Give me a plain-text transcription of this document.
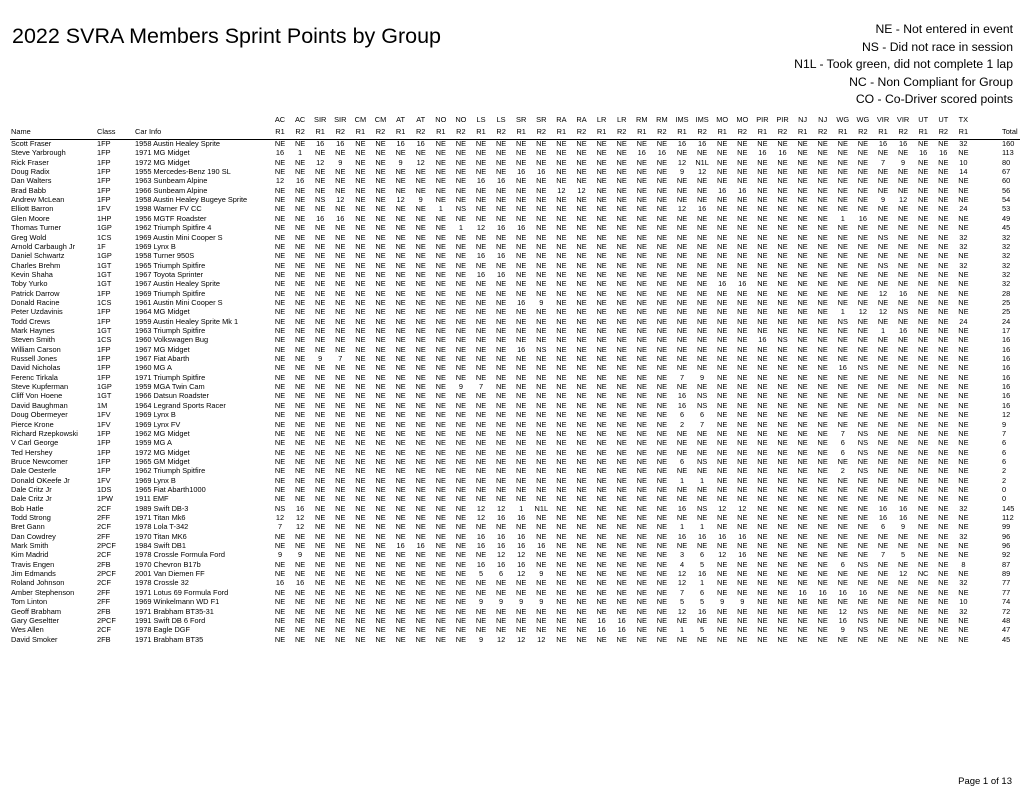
2022 SVRA Members Sprint Points by Group	NE - Not entered in event
NS - Did not race in session
N1L - Took green, did not complete 1 lap
NC - Non Compliant for Group
CO - Co-Driver scored points
AC AC SIR SIR CM CM AT AT NO NO LS LS SR SR RA RA LR LR RM RM IMS IMS MO MO PIR PIR NJ NJ WG WG VIR VIR UT UT TX
R1 R2 R1 R2 R1 R2 R1 R2 R1 R2 R1 R2 R1 R2 R1 R2 R1 R2 R1 R2 R1 R2 R1 R2 R1 R2 R1 R2 R1 R2 R1 R2 R1 R2 R1
Name	Class	Car Info	Total
Scott Fraser	1FP	1958 Austin Healey Sprite	NE NE 16 16 NE NE 16 16 NE NE NE NE NE NE NE NE NE NE NE NE 16 16 NE NE NE NE NE NE NE NE 16 16 NE NE 32	160
Steve Yarbrough	1FP	1971 MG Midget	16 1 NE NE NE NE NE NE NE NE NE NE NE NE NE NE NE NE 16 16 NE NE NE NE 16 16 NE NE NE NE NE NE 16 16 NE	113
Rick Fraser	1FP	1972 MG Midget	NE NE 12 9 NE NE 9 12 NE NE NE NE NE NE NE NE NE NE NE NE 12 N1L NE NE NE NE NE NE NE NE 7 9 NE NE 10	80
Doug Radix	1FP	1955 Mercedes-Benz 190 SL	NE NE NE NE NE NE NE NE NE NE NE NE 16 16 NE NE NE NE NE NE 9 12 NE NE NE NE NE NE NE NE NE NE NE NE 14	67
Dan Walters	1FP	1963 Sunbeam Alpine	12 16 NE NE NE NE NE NE NE NE 16 16 NE NE NE NE NE NE NE NE NE NE NE NE NE NE NE NE NE NE NE NE NE NE NE	60
Brad Babb	1FP	1966 Sunbeam Alpine	NE NE NE NE NE NE NE NE NE NE NE NE NE NE 12 12 NE NE NE NE NE NE 16 16 NE NE NE NE NE NE NE NE NE NE NE	56
Andrew McLean	1FP	1958 Austin Healey Bugeye Sprite	NE NE NS 12 NE NE 12 9 NE NE NE NE NE NE NE NE NE NE NE NE NE NE NE NE NE NE NE NE NE NE 9 12 NE NE NE	54
Elliott Barron	1FV	1998 Warner FV CC	NE NE NE NE NE NE NE NE 1 NS NE NE NE NE NE NE NE NE NE NE 12 16 NE NE NE NE NE NE NE NE NE NE NE NE 24	53
Glen Moore	1HP	1956 MGTF Roadster	NE NE 16 16 NE NE NE NE NE NE NE NE NE NE NE NE NE NE NE NE NE NE NE NE NE NE NE NE 1 16 NE NE NE NE NE	49
Thomas Turner	1GP	1962 Triumph Spitfire 4	NE NE NE NE NE NE NE NE NE 1 12 16 16 NE NE NE NE NE NE NE NE NE NE NE NE NE NE NE NE NE NE NE NE NE NE	45
Greg Wold	1CS	1969 Austin Mini Cooper S	NE NE NE NE NE NE NE NE NE NE NE NE NE NE NE NE NE NE NE NE NE NE NE NE NE NE NE NE NE NE NS NE NE NE 32	32
Arnold Carbaugh Jr	1F	1969 Lynx B	NE NE NE NE NE NE NE NE NE NE NE NE NE NE NE NE NE NE NE NE NE NE NE NE NE NE NE NE NE NE NE NE NE NE 32	32
Daniel Schwartz	1GP	1958 Turner 950S	NE NE NE NE NE NE NE NE NE NE 16 16 NE NE NE NE NE NE NE NE NE NE NE NE NE NE NE NE NE NE NE NE NE NE NE	32
Charles Brehm	1GT	1965 Triumph Spitfire	NE NE NE NE NE NE NE NE NE NE NE NE NE NE NE NE NE NE NE NE NE NE NE NE NE NE NE NE NE NE NS NE NE NE 32	32
Kevin Shaha	1GT	1967 Toyota Sprinter	NE NE NE NE NE NE NE NE NE NE 16 16 NE NE NE NE NE NE NE NE NE NE NE NE NE NE NE NE NE NE NE NE NE NE NE	32
Toby Yurko	1GT	1967 Austin Healey Sprite	NE NE NE NE NE NE NE NE NE NE NE NE NE NE NE NE NE NE NE NE NE NE 16 16 NE NE NE NE NE NE NE NE NE NE NE	32
Patrick Darrow	1FP	1969 Triumph Spitfire	NE NE NE NE NE NE NE NE NE NE NE NE NE NE NE NE NE NE NE NE NE NE NE NE NE NE NE NE NE NE 12 16 NE NE NE	28
Donald Racine	1CS	1961 Austin Mini Cooper S	NE NE NE NE NE NE NE NE NE NE NE NE 16 9 NE NE NE NE NE NE NE NE NE NE NE NE NE NE NE NE NE NE NE NE NE	25
Peter Uzdavinis	1FP	1964 MG Midget	NE NE NE NE NE NE NE NE NE NE NE NE NE NE NE NE NE NE NE NE NE NE NE NE NE NE NE NE 1 12 12 NS NE NE NE	25
Todd Crews	1FP	1959 Austin Healey Sprite Mk 1	NE NE NE NE NE NE NE NE NE NE NE NE NE NE NE NE NE NE NE NE NE NE NE NE NE NE NE NE NS NE NE NE NE NE 24	24
Mark Haynes	1GT	1963 Triumph Spitfire	NE NE NE NE NE NE NE NE NE NE NE NE NE NE NE NE NE NE NE NE NE NE NE NE NE NE NE NE NE NE 1 16 NE NE NE	17
Steven Smith	1CS	1960 Volkswagen Bug	NE NE NE NE NE NE NE NE NE NE NE NE NE NE NE NE NE NE NE NE NE NE NE NE 16 NS NE NE NE NE NE NE NE NE NE	16
William Carson	1FP	1967 MG Midget	NE NE NE NE NE NE NE NE NE NE NE NE 16 NS NE NE NE NE NE NE NE NE NE NE NE NE NE NE NE NE NE NE NE NE NE	16
Russell Jones	1FP	1967 Fiat Abarth	NE NE 9 7 NE NE NE NE NE NE NE NE NE NE NE NE NE NE NE NE NE NE NE NE NE NE NE NE NE NE NE NE NE NE NE	16
David Nicholas	1FP	1960 MG A	NE NE NE NE NE NE NE NE NE NE NE NE NE NE NE NE NE NE NE NE NE NE NE NE NE NE NE NE 16 NS NE NE NE NE NE	16
Ferenc Tirkala	1FP	1971 Triumph Spitfire	NE NE NE NE NE NE NE NE NE NE NE NE NE NE NE NE NE NE NE NE 7 9 NE NE NE NE NE NE NE NE NE NE NE NE NE	16
Steve Kupferman	1GP	1959 MGA Twin Cam	NE NE NE NE NE NE NE NE NE 9 7 NE NE NE NE NE NE NE NE NE NE NE NE NE NE NE NE NE NE NE NE NE NE NE NE	16
Cliff Von Hoene	1GT	1966 Datsun Roadster	NE NE NE NE NE NE NE NE NE NE NE NE NE NE NE NE NE NE NE NE 16 NS NE NE NE NE NE NE NE NE NE NE NE NE NE	16
David Baughman	1M	1964 Legrand Sports Racer	NE NE NE NE NE NE NE NE NE NE NE NE NE NE NE NE NE NE NE NE 16 NS NE NE NE NE NE NE NE NE NE NE NE NE NE	16
Doug Obermeyer	1FV	1969 Lynx B	NE NE NE NE NE NE NE NE NE NE NE NE NE NE NE NE NE NE NE NE 6 6 NE NE NE NE NE NE NE NE NE NE NE NE NE	12
Pierce Krone	1FV	1969 Lynx FV	NE NE NE NE NE NE NE NE NE NE NE NE NE NE NE NE NE NE NE NE 2 7 NE NE NE NE NE NE NE NE NE NE NE NE NE	9
Richard Rzepkowski	1FP	1962 MG Midget	NE NE NE NE NE NE NE NE NE NE NE NE NE NE NE NE NE NE NE NE NE NE NE NE NE NE NE NE 7 NS NE NE NE NE NE	7
V Carl George	1FP	1959 MG A	NE NE NE NE NE NE NE NE NE NE NE NE NE NE NE NE NE NE NE NE NE NE NE NE NE NE NE NE 6 NS NE NE NE NE NE	6
Ted Hershey	1FP	1972 MG Midget	NE NE NE NE NE NE NE NE NE NE NE NE NE NE NE NE NE NE NE NE NE NE NE NE NE NE NE NE 6 NS NE NE NE NE NE	6
Bruce Newcomer	1FP	1965 GM Midget	NE NE NE NE NE NE NE NE NE NE NE NE NE NE NE NE NE NE NE NE 6 NS NE NE NE NE NE NE NE NE NE NE NE NE NE	6
Dale Oesterle	1FP	1962 Triumph Spitfire	NE NE NE NE NE NE NE NE NE NE NE NE NE NE NE NE NE NE NE NE NE NE NE NE NE NE NE NE 2 NS NE NE NE NE NE	2
Donald OKeefe Jr	1FV	1969 Lynx B	NE NE NE NE NE NE NE NE NE NE NE NE NE NE NE NE NE NE NE NE 1 1 NE NE NE NE NE NE NE NE NE NE NE NE NE	2
Dale Critz Jr	1DS	1965 Fiat Abarth1000	NE NE NE NE NE NE NE NE NE NE NE NE NE NE NE NE NE NE NE NE NE NE NE NE NE NE NE NE NE NE NE NE NE NE NE	0
Dale Critz Jr	1PW	1911 EMF	NE NE NE NE NE NE NE NE NE NE NE NE NE NE NE NE NE NE NE NE NE NE NE NE NE NE NE NE NE NE NE NE NE NE NE	0
Bob Hatle	2CF	1989 Swift DB-3	NS 16 NE NE NE NE NE NE NE NE 12 12 1 N1L NE NE NE NE NE NE 16 NS 12 12 NE NE NE NE NE NE 16 16 NE NE 32	145
Todd Strong	2FF	1971 Titan Mk6	12 12 NE NE NE NE NE NE NE NE 12 16 16 NE NE NE NE NE NE NE NE NE NE NE NE NE NE NE NE NE 16 16 NE NE NE	112
Bret Gann	2CF	1978 Lola T-342	7 12 NE NE NE NE NE NE NE NE NE NE NE NE NE NE NE NE NE NE 1 1 NE NE NE NE NE NE NE NE 6 9 NE NE NE	99
Dan Cowdrey	2FF	1970 Titan MK6	NE NE NE NE NE NE NE NE NE NE 16 16 16 NE NE NE NE NE NE NE 16 16 16 16 NE NE NE NE NE NE NE NE NE NE 32	96
Mark Smith	2PCF	1984 Swift DB1	NE NE NE NE NE NE 16 16 NE NE 16 16 16 16 NE NE NE NE NE NE NE NE NE NE NE NE NE NE NE NE NE NE NE NE NE	96
Kim Madrid	2CF	1978 Crossle Formula Ford	9 9 NE NE NE NE NE NE NE NE NE 12 12 NE NE NE NE NE NE NE 3 6 12 16 NE NE NE NE NE NE 7 5 NE NE NE	92
Travis Engen	2FB	1970 Chevron B17b	NE NE NE NE NE NE NE NE NE NE 16 16 16 NE NE NE NE NE NE NE 4 5 NE NE NE NE NE NE 6 NS NE NE NE NE 8	87
Jim Edmands	2PCF	2001 Van Diemen FF	NE NE NE NE NE NE NE NE NE NE 5 6 12 9 NE NE NE NE NE NE 12 16 NE NE NE NE NE NE NE NE NE 12 NC NE NE	89
Roland Johnson	2CF	1978 Crossle 32	16 16 NE NE NE NE NE NE NE NE NE NE NE NE NE NE NE NE NE NE 12 1 NE NE NE NE NE NE NE NE NE NE NE NE 32	77
Amber Stephenson	2FF	1971 Lotus 69 Formula Ford	NE NE NE NE NE NE NE NE NE NE NE NE NE NE NE NE NE NE NE NE 7 6 NE NE NE NE 16 16 16 16 NE NE NE NE NE	77
Tom Linton	2FF	1969 Winkelmann WD F1	NE NE NE NE NE NE NE NE NE NE 9 9 9 9 NE NE NE NE NE NE 5 5 9 9 NE NE NE NE NE NE NE NE NE NE 10	74
Geoff Brabham	2FB	1971 Brabham BT35-31	NE NE NE NE NE NE NE NE NE NE NE NE NE NE NE NE NE NE NE NE 12 16 NE NE NE NE NE NE 12 NS NE NE NE NE 32	72
Gary Geseltter	2PCF	1991 Swift DB 6 Ford	NE NE NE NE NE NE NE NE NE NE NE NE NE NE NE NE 16 16 NE NE NE NE NE NE NE NE NE NE 16 NS NE NE NE NE NE	48
Wes Allen	2CF	1978 Eagle DGF	NE NE NE NE NE NE NE NE NE NE NE NE NE NE NE NE 16 16 NE NE 1 5 NE NE NE NE NE NE 9 NS NE NE NE NE NE	47
David Smoker	2FB	1971 Brabham BT35	NE NE NE NE NE NE NE NE NE NE 9 12 12 12 NE NE NE NE NE NE NE NE NE NE NE NE NE NE NE NE NE NE NE NE NE	45
Page 1 of 13
